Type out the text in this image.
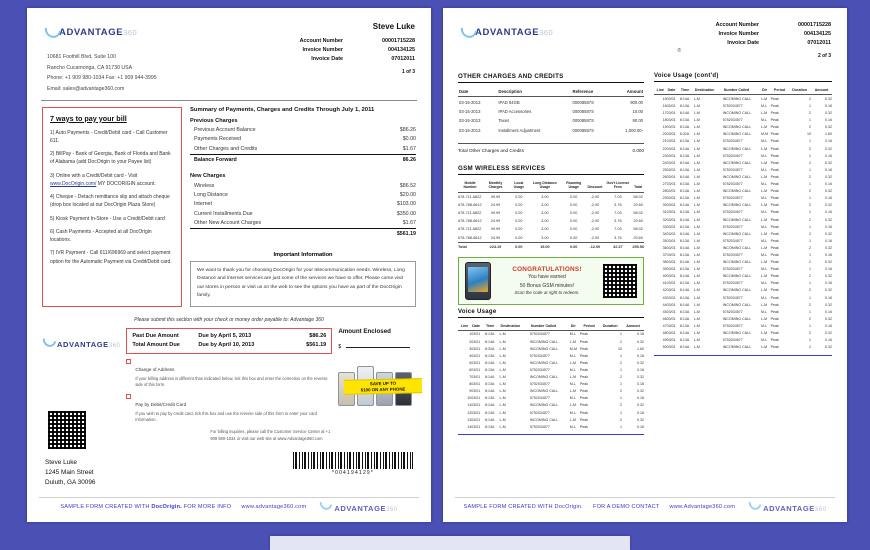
ADVANTAGE360
10681 Foothill Blvd, Suite 100
Rancho Cucamonga, CA 91730 USA
Phone: +1 909 980-1034 Fax: +1 909 944-3995
Email: sales@advantage360.com
Steve Luke
Account Number	00001715228
Invoice Number	004134125
Invoice Date	07012011
1 of 3
7 ways to pay your bill

1) Auto Payments - Credit/Debit card - Call Customer 611.

2) BillPay - Bank of Georgia, Bank of Florida and Bank of Alabama (add DocOrigin to your Payee list)

3) Online with a Credit/Debit card - Visit www.DocOrigin.com/ MY DOCORIGIN account.

4) Cheque - Detach remittance slip and attach cheque (drop box located at our DocOrigin Plaza Store)

5) Kiosk Payment In-Store - Use a Credit/Debit card

6) Cash Payments - Accepted at all DocOrigin locations.

7) IVR Payment - Call 611/696969 and select payment option for the Automatic Payment via Credit/Debit card.

Summary of Payments, Charges and Credits Through July 1, 2011
Previous Charges
Previous Account Balance	$86.26
Payments Received	$0.00
Other Charges and Credits	$1.67
Balance Forward	86.26
New Charges
Wireless	$86.52
Long Distance	$20.00
Internet	$103.00
Current Installments Due	$350.00
Other New Account Charges	$1.67
$561.19
Important Information
We want to thank you for choosing DocOrigin for your telecommunication needs. Wireless, Long Distance and Internet services are just some of the services we have to offer. Please come visit our stores in person or visit us on the web to see the options you have as part of the DocOrigin family.
Please submit this section with your check or money order payable to: Advantage 360
ADVANTAGE360
Past Due Amount	Due by April 5, 2013	$86.26
Total Amount Due	Due by April 10, 2013	$561.19
Change of Address
If your billing address is different than indicated below, tick this box and enter the correction on the reverse side of this form.
Pay by Debit/Credit Card
If you wish to pay by credit card, tick this box and use the reverse side of this form to enter your card information.
For billing inquiries, please call the Customer Service Center at +1 909 980-1034 or visit our web site at www.Advantage360.com
Amount Enclosed
$
SAVE UP TO
$100 ON ANY PHONE
Steve Luke
1245 Main Street
Duluth, GA 30096
*004194129*
SAMPLE FORM CREATED WITH DocOrigin. FOR MORE INFO www.advantage360.com	ADVANTAGE360
ADVANTAGE360
®
Account Number	00001715228
Invoice Number	004134125
Invoice Date	07012011
2 of 3
OTHER CHARGES AND CREDITS
Date	Description	Reference	Amount
03-15-2013	IPAD 64GB	00008587S	900.00
03-15-2013	IPAD Accessories	00008587S	10.00
03-15-2013	Taxes	00008587S	90.00
03-15-2013	Installment Adjustment	00008587S	1,000.00-
Total Other Charges and Credits	0.000
GSM WIRELESS SERVICES
Mobile Number	Monthly Charges	Local Usage	Long Distance Usage	Roaming Usage	Discount	Gov't License Fees	Total
678-711-6822	49.99	0.00	3.00	0.00	-2.00	7.03	58.02
678-788-6612	24.99	0.00	3.00	0.00	-2.00	3.76	29.60
678-711-6822	49.99	0.00	3.00	0.00	-2.00	7.03	58.02
678-788-6612	24.99	0.00	3.00	0.00	-2.00	3.76	29.60
678-711-6822	49.99	0.00	3.00	0.00	-2.00	7.03	58.02
678-788-6612	24.99	0.00	3.00	0.00	-2.00	3.76	29.60
Total	224.19	0.00	15.00	0.00	-12.00	32.37	259.56
CONGRATULATIONS!
You have earned
50 Bonus GSM minutes!
Scan the code at right to redeem.
Voice Usage
Line	Date	Time	Destination	Number Called	Dir	Period	Duration	Amount
1	03/01	8:13A	L-M	5752034577	M-L	Peak	1	0.16
2	03/01	8:14A	L-M	INCOMING CALL	L-M	Peak	2	0.32
3	03/01	8:32A	L-M	INCOMING CALL	M-M	Peak	10	1.60
4	03/01	8:13A	L-M	5752034577	M-L	Peak	1	0.16
5	03/01	8:14A	L-M	INCOMING CALL	L-M	Peak	2	0.32
6	03/01	8:13A	L-M	5752034577	M-L	Peak	1	0.16
7	03/01	8:14A	L-M	INCOMING CALL	L-M	Peak	2	0.32
8	03/01	8:13A	L-M	5752034577	M-L	Peak	1	0.16
9	03/01	8:14A	L-M	INCOMING CALL	L-M	Peak	2	0.32
10	03/01	8:13A	L-M	5752034577	M-L	Peak	1	0.16
11	03/01	8:14A	L-M	INCOMING CALL	L-M	Peak	2	0.32
12	03/01	8:13A	L-M	5752034577	M-L	Peak	1	0.16
13	03/01	8:14A	L-M	INCOMING CALL	L-M	Peak	2	0.32
14	03/01	8:13A	L-M	5752034577	M-L	Peak	1	0.16
Voice Usage (cont'd)
Line	Date	Time	Destination	Number Called	Dir	Period	Duration	Amount
15	03/01	8:14A	L-M	INCOMING CALL	L-M	Peak	2	0.32
16	03/01	8:13A	L-M	5752034577	M-L	Peak	1	0.16
17	03/01	8:14A	L-M	INCOMING CALL	L-M	Peak	2	0.32
18	03/01	8:13A	L-M	5752034577	M-L	Peak	1	0.16
19	03/01	8:14A	L-M	INCOMING CALL	L-M	Peak	2	0.32
20	03/01	8:32A	L-M	INCOMING CALL	M-M	Peak	10	1.60
21	03/01	8:13A	L-M	5752034577	M-L	Peak	1	0.16
22	03/01	8:14A	L-M	INCOMING CALL	L-M	Peak	2	0.32
23	03/01	8:13A	L-M	5752034577	M-L	Peak	1	0.16
24	03/01	8:14A	L-M	INCOMING CALL	L-M	Peak	2	0.32
25	03/01	8:13A	L-M	5752034577	M-L	Peak	1	0.16
26	03/01	8:14A	L-M	INCOMING CALL	L-M	Peak	2	0.32
27	03/01	8:13A	L-M	5752034577	M-L	Peak	1	0.16
28	03/01	8:14A	L-M	INCOMING CALL	L-M	Peak	2	0.32
29	03/01	8:13A	L-M	5752034577	M-L	Peak	1	0.16
30	03/01	8:14A	L-M	INCOMING CALL	L-M	Peak	2	0.32
31	03/01	8:13A	L-M	5752034577	M-L	Peak	1	0.16
32	03/01	8:14A	L-M	INCOMING CALL	L-M	Peak	2	0.32
33	03/01	8:13A	L-M	5752034577	M-L	Peak	1	0.16
34	03/01	8:14A	L-M	INCOMING CALL	L-M	Peak	2	0.32
35	03/01	8:13A	L-M	5752034577	M-L	Peak	1	0.16
36	03/01	8:14A	L-M	INCOMING CALL	L-M	Peak	2	0.32
37	03/01	8:13A	L-M	5752034577	M-L	Peak	1	0.16
38	03/01	8:14A	L-M	INCOMING CALL	L-M	Peak	2	0.32
39	03/01	8:13A	L-M	5752034577	M-L	Peak	1	0.16
40	03/01	8:14A	L-M	INCOMING CALL	L-M	Peak	2	0.32
41	03/01	8:13A	L-M	5752034577	M-L	Peak	1	0.16
42	03/01	8:14A	L-M	INCOMING CALL	L-M	Peak	2	0.32
43	03/01	8:13A	L-M	5752034577	M-L	Peak	1	0.16
44	03/01	8:14A	L-M	INCOMING CALL	L-M	Peak	2	0.32
45	03/01	8:13A	L-M	5752034577	M-L	Peak	1	0.16
46	03/01	8:14A	L-M	INCOMING CALL	L-M	Peak	2	0.32
47	03/01	8:13A	L-M	5752034577	M-L	Peak	1	0.16
48	03/01	8:14A	L-M	INCOMING CALL	L-M	Peak	2	0.32
49	03/01	8:13A	L-M	5752034577	M-L	Peak	1	0.16
50	03/01	8:14A	L-M	INCOMING CALL	L-M	Peak	2	0.32
SAMPLE FORM CREATED WITH DocOrigin. FOR A DEMO CONTACT www.Advantage360.com	ADVANTAGE360
